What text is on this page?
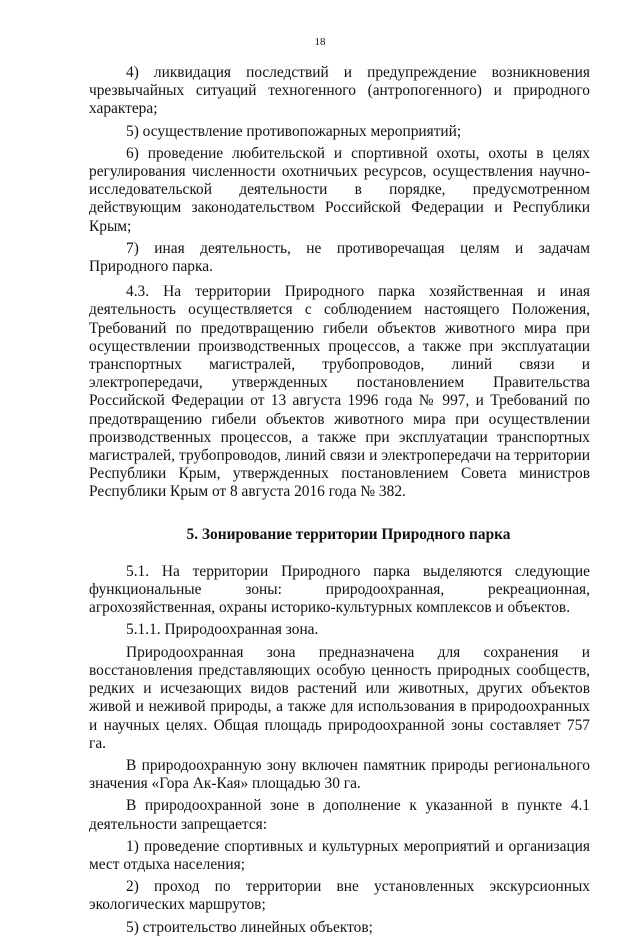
18

4) ликвидация последствий и предупреждение возникновения чрезвычайных ситуаций техногенного (антропогенного) и природного характера;

5) осуществление противопожарных мероприятий;

6) проведение любительской и спортивной охоты, охоты в целях регулирования численности охотничьих ресурсов, осуществления научно-исследовательской деятельности в порядке, предусмотренном действующим законодательством Российской Федерации и Республики Крым;

7) иная деятельность, не противоречащая целям и задачам Природного парка.

4.3. На территории Природного парка хозяйственная и иная деятельность осуществляется с соблюдением настоящего Положения, Требований по предотвращению гибели объектов животного мира при осуществлении производственных процессов, а также при эксплуатации транспортных магистралей, трубопроводов, линий связи и электропередачи, утвержденных постановлением Правительства Российской Федерации от 13 августа 1996 года № 997, и Требований по предотвращению гибели объектов животного мира при осуществлении производственных процессов, а также при эксплуатации транспортных магистралей, трубопроводов, линий связи и электропередачи на территории Республики Крым, утвержденных постановлением Совета министров Республики Крым от 8 августа 2016 года № 382.

5. Зонирование территории Природного парка

5.1. На территории Природного парка выделяются следующие функциональные зоны: природоохранная, рекреационная, агрохозяйственная, охраны историко-культурных комплексов и объектов.

5.1.1. Природоохранная зона.

Природоохранная зона предназначена для сохранения и восстановления представляющих особую ценность природных сообществ, редких и исчезающих видов растений или животных, других объектов живой и неживой природы, а также для использования в природоохранных и научных целях. Общая площадь природоохранной зоны составляет 757 га.

В природоохранную зону включен памятник природы регионального значения «Гора Ак-Кая» площадью 30 га.

В природоохранной зоне в дополнение к указанной в пункте 4.1 деятельности запрещается:

1) проведение спортивных и культурных мероприятий и организация мест отдыха населения;

2) проход по территории вне установленных экскурсионных экологических маршрутов;

5) строительство линейных объектов;
